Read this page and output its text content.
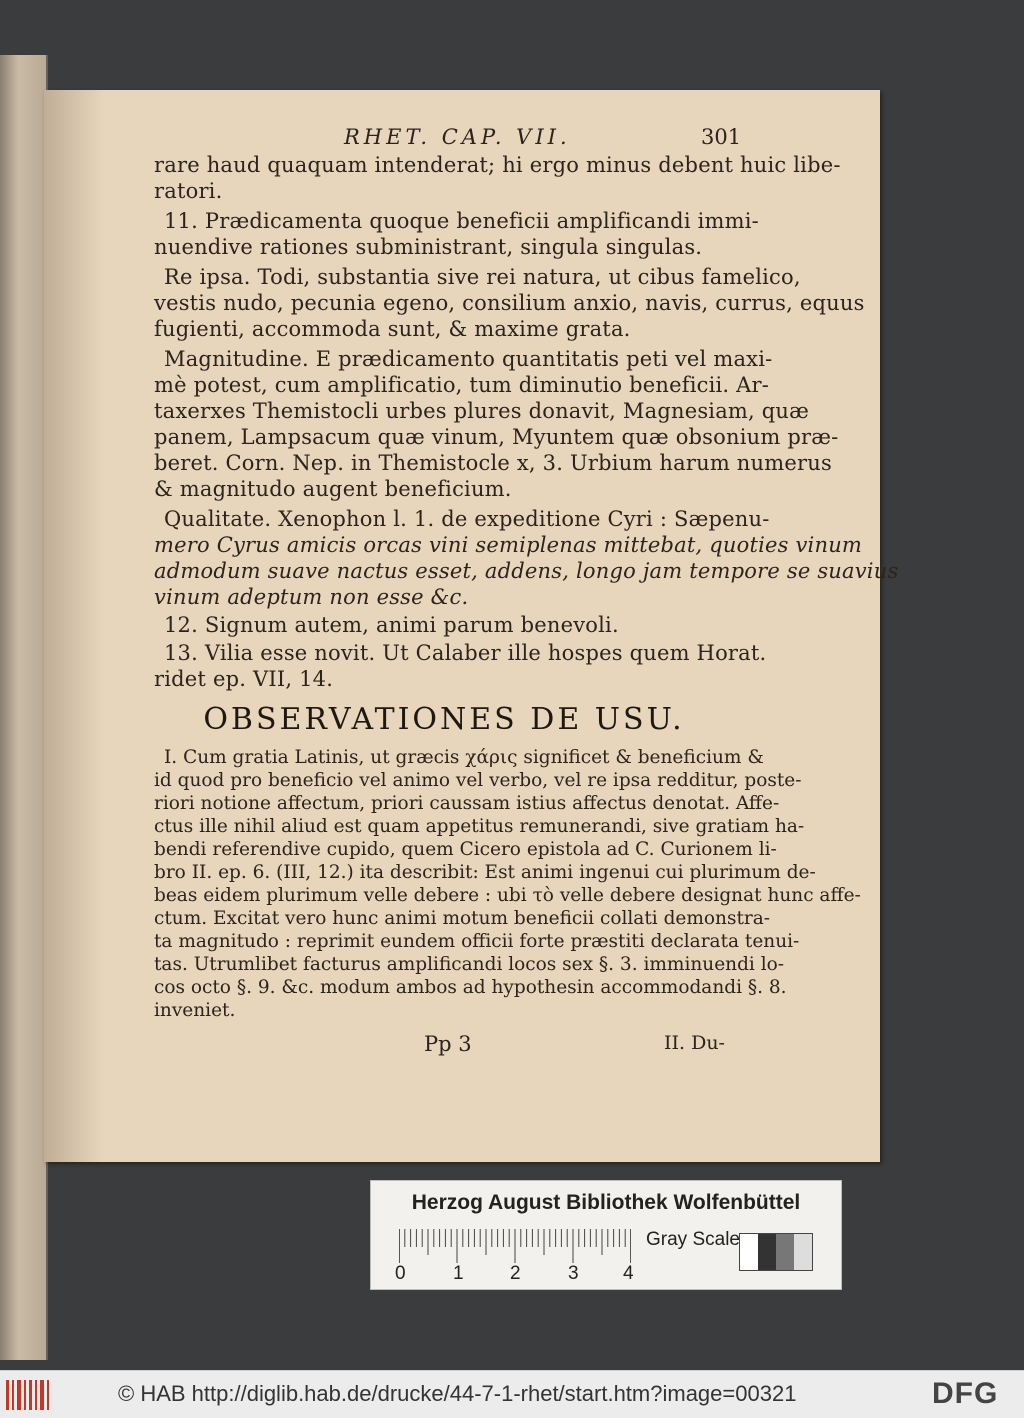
RHET. CAP. VII.	301
rare haud quaquam intenderat; hi ergo minus debent huic libe-
ratori.
11. Prædicamenta quoque beneficii amplificandi immi-
nuendive rationes subministrant, singula singulas.
Re ipsa. Todi, substantia sive rei natura, ut cibus famelico,
vestis nudo, pecunia egeno, consilium anxio, navis, currus, equus
fugienti, accommoda sunt, & maxime grata.
Magnitudine. E prædicamento quantitatis peti vel maxi-
mè potest, cum amplificatio, tum diminutio beneficii. Ar-
taxerxes Themistocli urbes plures donavit, Magnesiam, quæ
panem, Lampsacum quæ vinum, Myuntem quæ obsonium præ-
beret. Corn. Nep. in Themistocle x, 3. Urbium harum numerus
& magnitudo augent beneficium.
Qualitate. Xenophon l. 1. de expeditione Cyri : Sæpenu-
mero Cyrus amicis orcas vini semiplenas mittebat, quoties vinum
admodum suave nactus esset, addens, longo jam tempore se suavius
vinum adeptum non esse &c.
12. Signum autem, animi parum benevoli.
13. Vilia esse novit. Ut Calaber ille hospes quem Horat.
ridet ep. VII, 14.
OBSERVATIONES DE USU.
I. Cum gratia Latinis, ut græcis χάρις significet & beneficium &
id quod pro beneficio vel animo vel verbo, vel re ipsa redditur, poste-
riori notione affectum, priori caussam istius affectus denotat. Affe-
ctus ille nihil aliud est quam appetitus remunerandi, sive gratiam ha-
bendi referendive cupido, quem Cicero epistola ad C. Curionem li-
bro II. ep. 6. (III, 12.) ita describit: Est animi ingenui cui plurimum de-
beas eidem plurimum velle debere : ubi τὸ velle debere designat hunc affe-
ctum. Excitat vero hunc animi motum beneficii collati demonstra-
ta magnitudo : reprimit eundem officii forte præstiti declarata tenui-
tas. Utrumlibet facturus amplificandi locos sex §. 3. imminuendi lo-
cos octo §. 9. &c. modum ambos ad hypothesin accommodandi §. 8.
inveniet.
Pp 3	II. Du-
Herzog August Bibliothek Wolfenbüttel
0 1 2 3 4
Gray Scale
© HAB http://diglib.hab.de/drucke/44-7-1-rhet/start.htm?image=00321	DFG
